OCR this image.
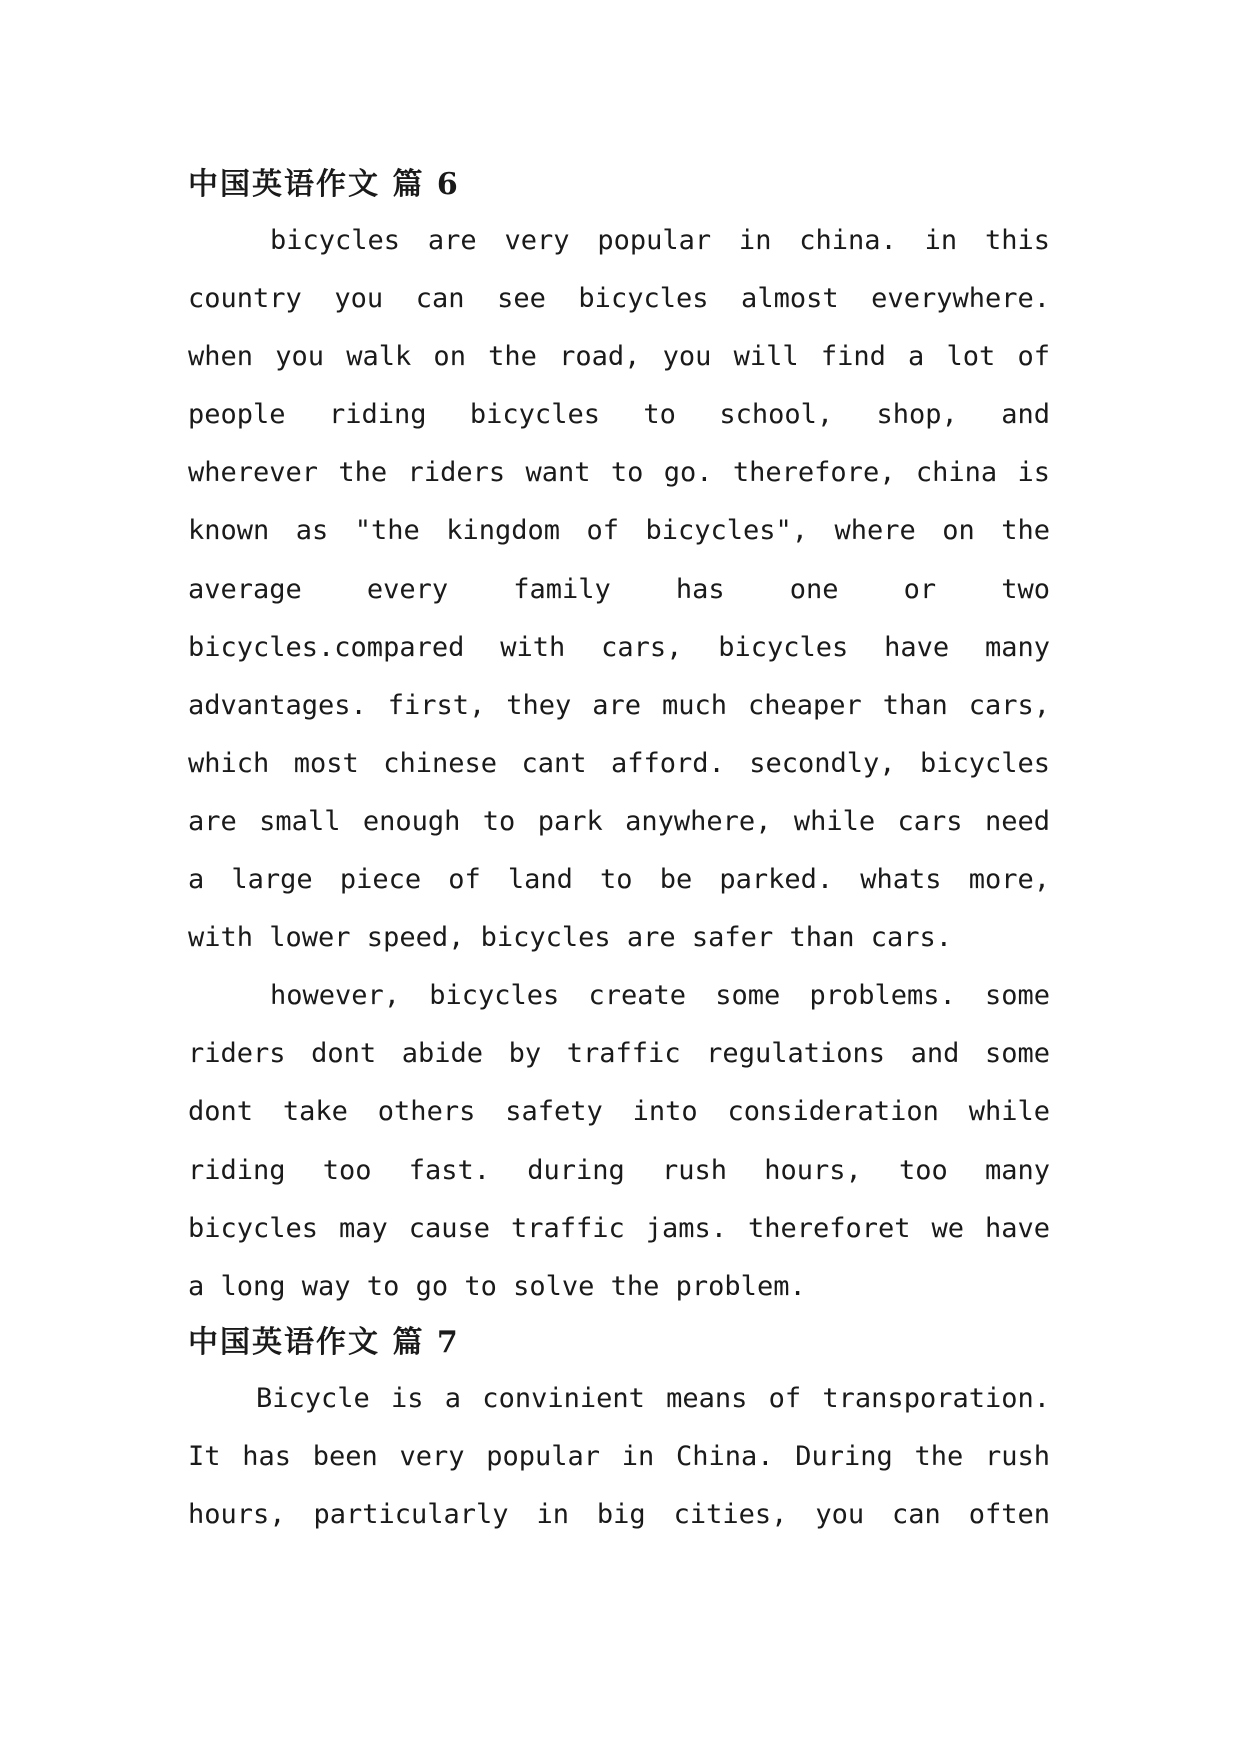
中国英语作文 篇 6

bicycles are very popular in china. in this
country you can see bicycles almost everywhere.
when you walk on the road, you will find a lot of
people riding bicycles to school, shop, and
wherever the riders want to go. therefore, china is
known as "the kingdom of bicycles", where on the
average every family has one or two
bicycles.compared with cars, bicycles have many
advantages. first, they are much cheaper than cars,
which most chinese cant afford. secondly, bicycles
are small enough to park anywhere, while cars need
a large piece of land to be parked. whats more,
with lower speed, bicycles are safer than cars.

however, bicycles create some problems. some
riders dont abide by traffic regulations and some
dont take others safety into consideration while
riding too fast. during rush hours, too many
bicycles may cause traffic jams. thereforet we have
a long way to go to solve the problem.

中国英语作文 篇 7

Bicycle is a convinient means of transporation.
It has been very popular in China. During the rush
hours, particularly in big cities, you can often
